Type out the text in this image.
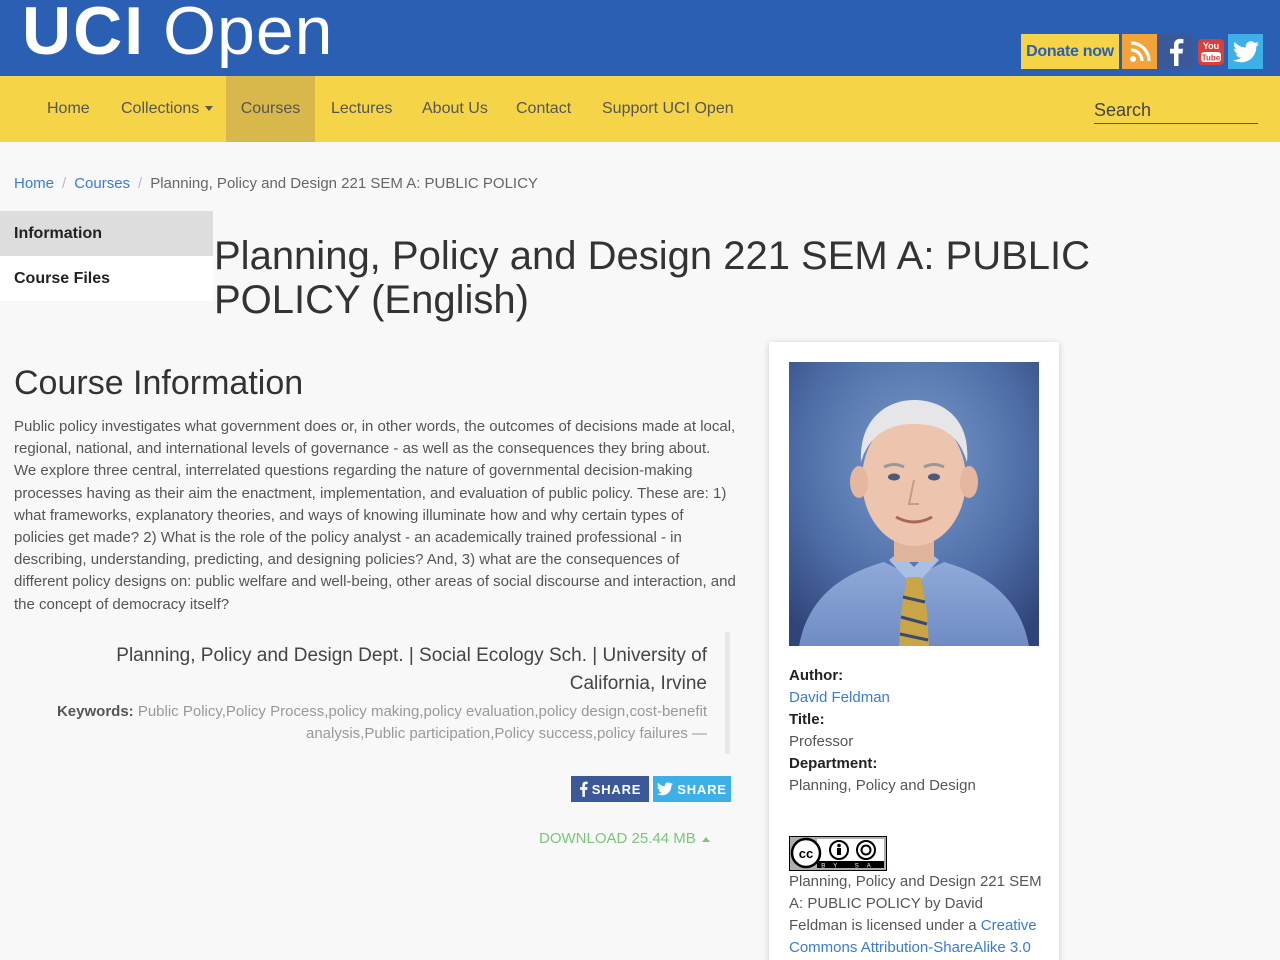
UCI Open	Donate now	You
Tube
Home Collections	Courses	Lectures About Us Contact Support UCI Open
Search
Home / Courses / Planning, Policy and Design 221 SEM A: PUBLIC POLICY
Information
Course Files
Planning, Policy and Design 221 SEM A: PUBLIC POLICY (English)
Course Information

Public policy investigates what government does or, in other words, the outcomes of decisions made at local, regional, national, and international levels of governance - as well as the consequences they bring about. We explore three central, interrelated questions regarding the nature of governmental decision-making processes having as their aim the enactment, implementation, and evaluation of public policy. These are: 1) what frameworks, explanatory theories, and ways of knowing illuminate how and why certain types of policies get made? 2) What is the role of the policy analyst - an academically trained professional - in describing, understanding, predicting, and designing policies? And, 3) what are the consequences of different policy designs on: public welfare and well-being, other areas of social discourse and interaction, and the concept of democracy itself?

Planning, Policy and Design Dept. | Social Ecology Sch. | University of California, Irvine
Keywords: Public Policy,Policy Process,policy making,policy evaluation,policy design,cost-benefit analysis,Public participation,Policy success,policy failures —
SHARE	SHARE
DOWNLOAD 25.44 MB
Author:
David Feldman
Title:
Professor
Department:
Planning, Policy and Design
cc
BY SA
Planning, Policy and Design 221 SEM A: PUBLIC POLICY by David Feldman is licensed under a Creative Commons Attribution-ShareAlike 3.0
